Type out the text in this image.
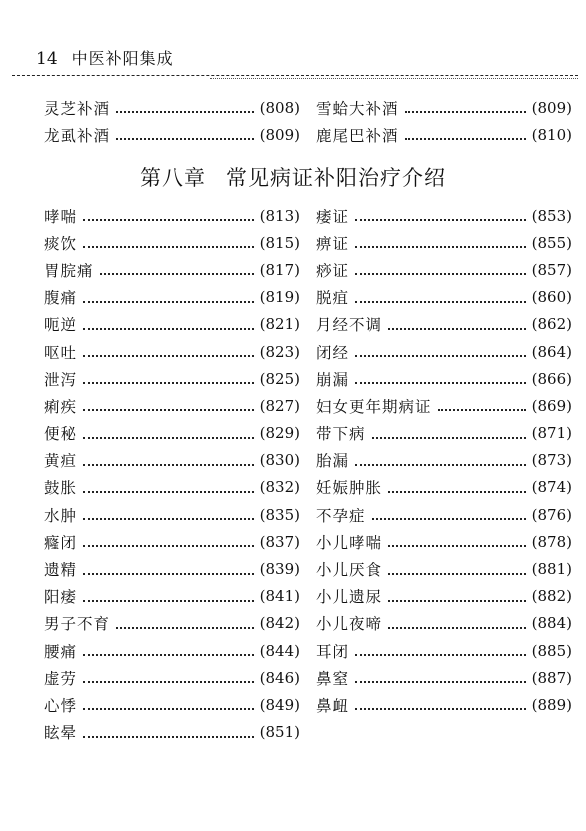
14 中医补阳集成
灵芝补酒	(808)
龙虱补酒	(809)
雪蛤大补酒	(809)
鹿尾巴补酒	(810)
第八章 常见病证补阳治疗介绍
哮喘	(813)
痰饮	(815)
胃脘痛	(817)
腹痛	(819)
呃逆	(821)
呕吐	(823)
泄泻	(825)
痢疾	(827)
便秘	(829)
黄疸	(830)
鼓胀	(832)
水肿	(835)
癃闭	(837)
遗精	(839)
阳痿	(841)
男子不育	(842)
腰痛	(844)
虚劳	(846)
心悸	(849)
眩晕	(851)
痿证	(853)
痹证	(855)
痧证	(857)
脱疽	(860)
月经不调	(862)
闭经	(864)
崩漏	(866)
妇女更年期病证	(869)
带下病	(871)
胎漏	(873)
妊娠肿胀	(874)
不孕症	(876)
小儿哮喘	(878)
小儿厌食	(881)
小儿遗尿	(882)
小儿夜啼	(884)
耳闭	(885)
鼻窒	(887)
鼻衄	(889)
